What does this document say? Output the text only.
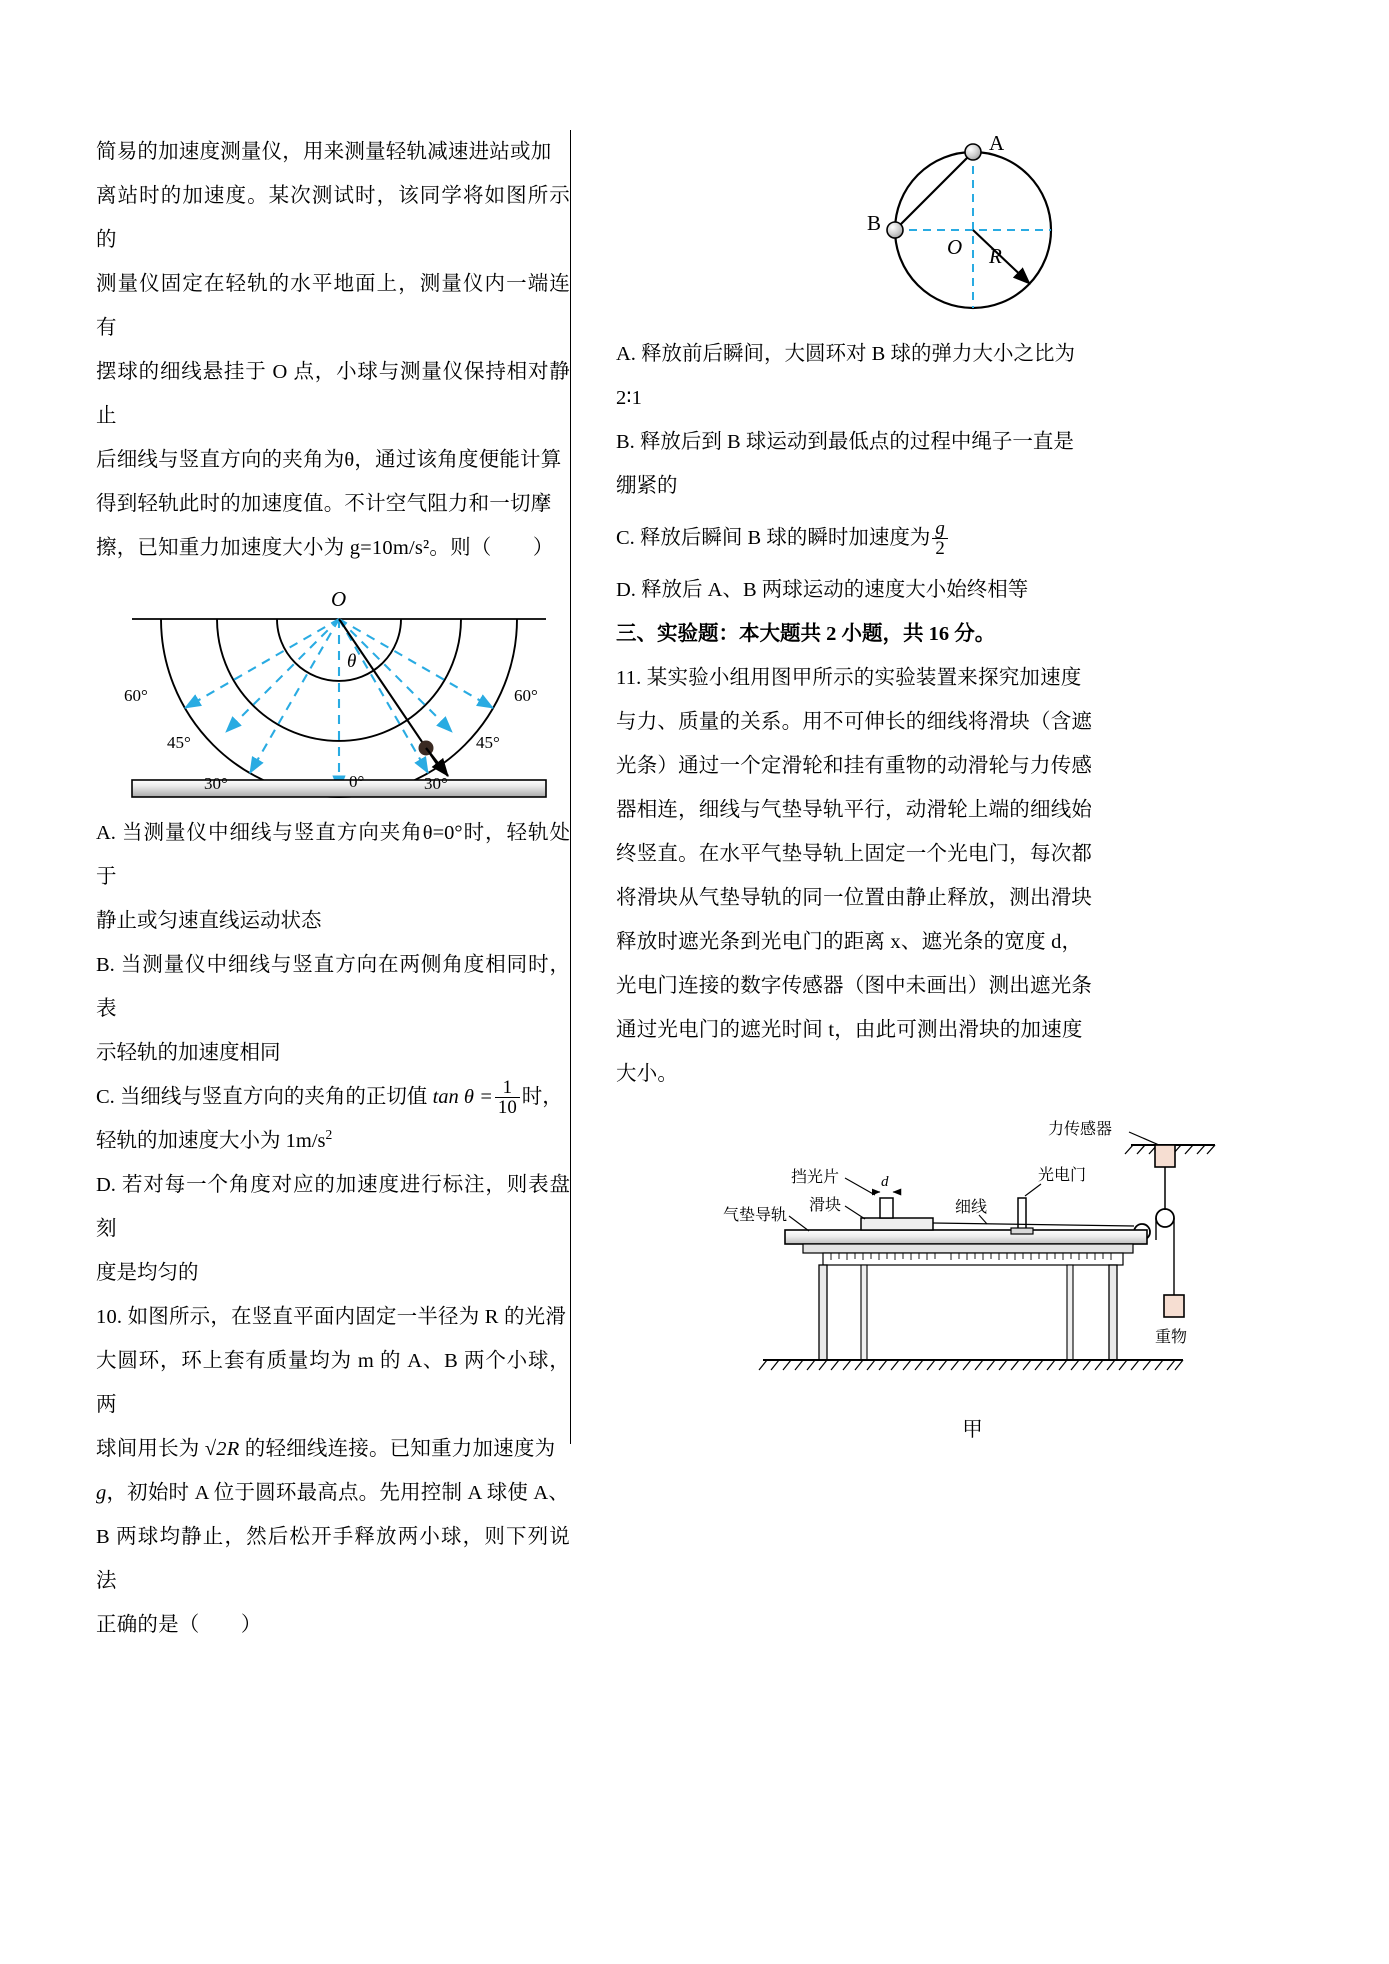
简易的加速度测量仪，用来测量轻轨减速进站或加

离站时的加速度。某次测试时，该同学将如图所示的

测量仪固定在轻轨的水平地面上，测量仪内一端连有

摆球的细线悬挂于 O 点，小球与测量仪保持相对静止

后细线与竖直方向的夹角为θ，通过该角度便能计算

得到轻轨此时的加速度值。不计空气阻力和一切摩

擦，已知重力加速度大小为 g=10m/s²。则（　　）

O
θ
60°
45°
30°	0°	30°
45°
60°

A. 当测量仪中细线与竖直方向夹角θ=0°时，轻轨处于

静止或匀速直线运动状态

B. 当测量仪中细线与竖直方向在两侧角度相同时，表

示轻轨的加速度相同

C. 当细线与竖直方向的夹角的正切值 $\tan \theta = \frac{1}{10}$ 时，

轻轨的加速度大小为 $1m/s^2$

D. 若对每一个角度对应的加速度进行标注，则表盘刻

度是均匀的

10. 如图所示，在竖直平面内固定一半径为 R 的光滑

大圆环，环上套有质量均为 m 的 A、B 两个小球，两

球间用长为 √2R 的轻细线连接。已知重力加速度为

g，初始时 A 位于圆环最高点。先用控制 A 球使 A、

B 两球均静止，然后松开手释放两小球，则下列说法

正确的是（　　）

A
B
O R

A. 释放前后瞬间，大圆环对 B 球的弹力大小之比为

2∶1

B. 释放后到 B 球运动到最低点的过程中绳子一直是

绷紧的

C. 释放后瞬间 B 球的瞬时加速度为 $\frac{g}{2}$

D. 释放后 A、B 两球运动的速度大小始终相等

三、实验题：本大题共 2 小题，共 16 分。

11. 某实验小组用图甲所示的实验装置来探究加速度

与力、质量的关系。用不可伸长的细线将滑块（含遮

光条）通过一个定滑轮和挂有重物的动滑轮与力传感

器相连，细线与气垫导轨平行，动滑轮上端的细线始

终竖直。在水平气垫导轨上固定一个光电门，每次都

将滑块从气垫导轨的同一位置由静止释放，测出滑块

释放时遮光条到光电门的距离 x、遮光条的宽度 d，

光电门连接的数字传感器（图中未画出）测出遮光条

通过光电门的遮光时间 t，由此可测出滑块的加速度

大小。

力传感器
重物
d
挡光片	光电门
气垫导轨
滑块	细线

甲
